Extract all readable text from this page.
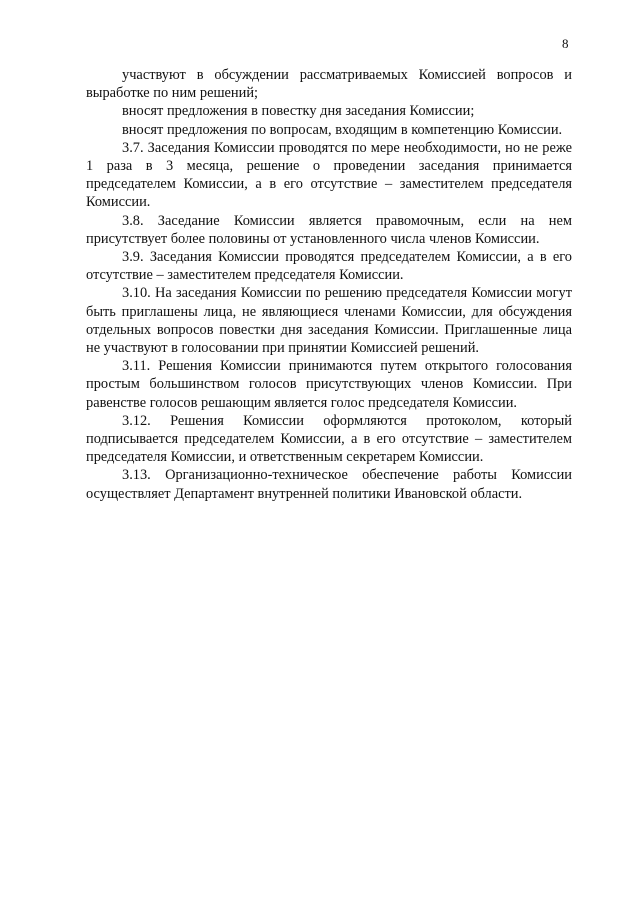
8

участвуют в обсуждении рассматриваемых Комиссией вопросов и выработке по ним решений;

вносят предложения в повестку дня заседания Комиссии;

вносят предложения по вопросам, входящим в компетенцию Комиссии.

3.7. Заседания Комиссии проводятся по мере необходимости, но не реже 1 раза в 3 месяца, решение о проведении заседания принимается председателем Комиссии, а в его отсутствие – заместителем председателя Комиссии.

3.8. Заседание Комиссии является правомочным, если на нем присутствует более половины от установленного числа членов Комиссии.

3.9. Заседания Комиссии проводятся председателем Комиссии, а в его отсутствие – заместителем председателя Комиссии.

3.10. На заседания Комиссии по решению председателя Комиссии могут быть приглашены лица, не являющиеся членами Комиссии, для обсуждения отдельных вопросов повестки дня заседания Комиссии. Приглашенные лица не участвуют в голосовании при принятии Комиссией решений.

3.11. Решения Комиссии принимаются путем открытого голосования простым большинством голосов присутствующих членов Комиссии. При равенстве голосов решающим является голос председателя Комиссии.

3.12. Решения Комиссии оформляются протоколом, который подписывается председателем Комиссии, а в его отсутствие – заместителем председателя Комиссии, и ответственным секретарем Комиссии.

3.13. Организационно-техническое обеспечение работы Комиссии осуществляет Департамент внутренней политики Ивановской области.
